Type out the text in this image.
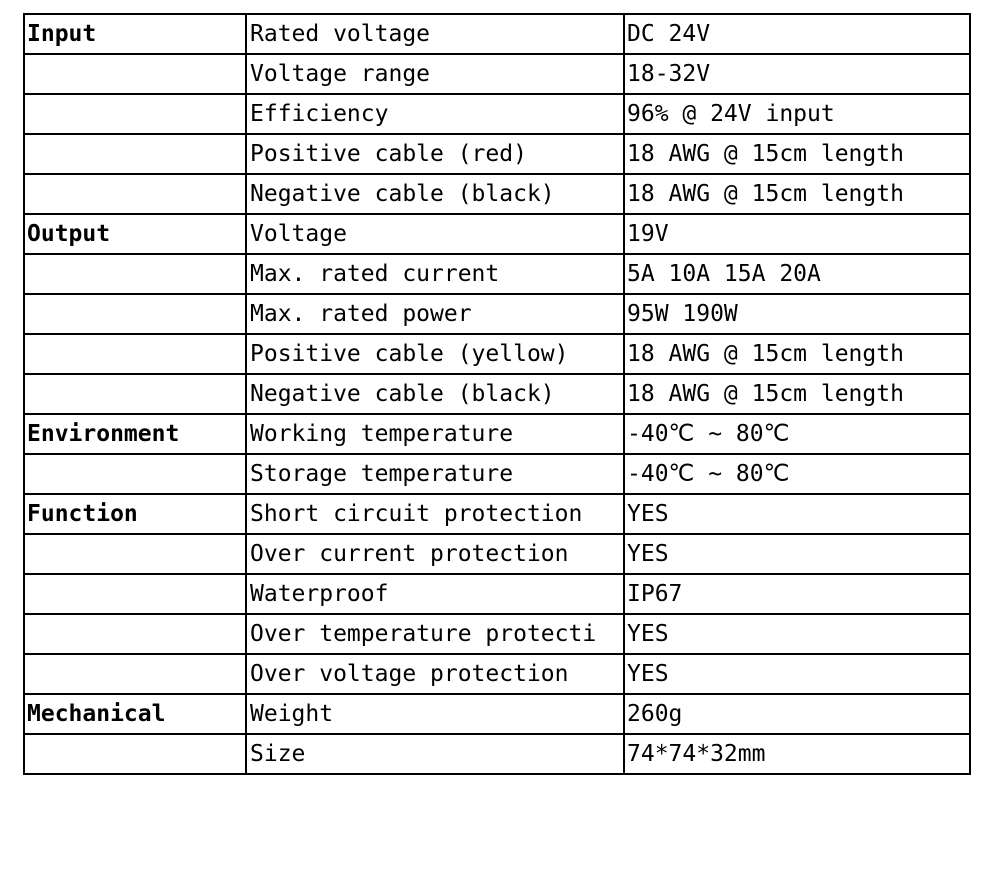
Input	Rated voltage	DC 24V
	Voltage range	18-32V
	Efficiency	96% @ 24V input
	Positive cable (red)	18 AWG @ 15cm length
	Negative cable (black)	18 AWG @ 15cm length
Output	Voltage	19V
	Max. rated current	5A 10A 15A 20A
	Max. rated power	95W 190W
	Positive cable (yellow)	18 AWG @ 15cm length
	Negative cable (black)	18 AWG @ 15cm length
Environment	Working temperature	-40℃ ~ 80℃
	Storage temperature	-40℃ ~ 80℃
Function	Short circuit protection	YES
	Over current protection	YES
	Waterproof	IP67
	Over temperature protecti	YES
	Over voltage protection	YES
Mechanical	Weight	260g
	Size	74*74*32mm
